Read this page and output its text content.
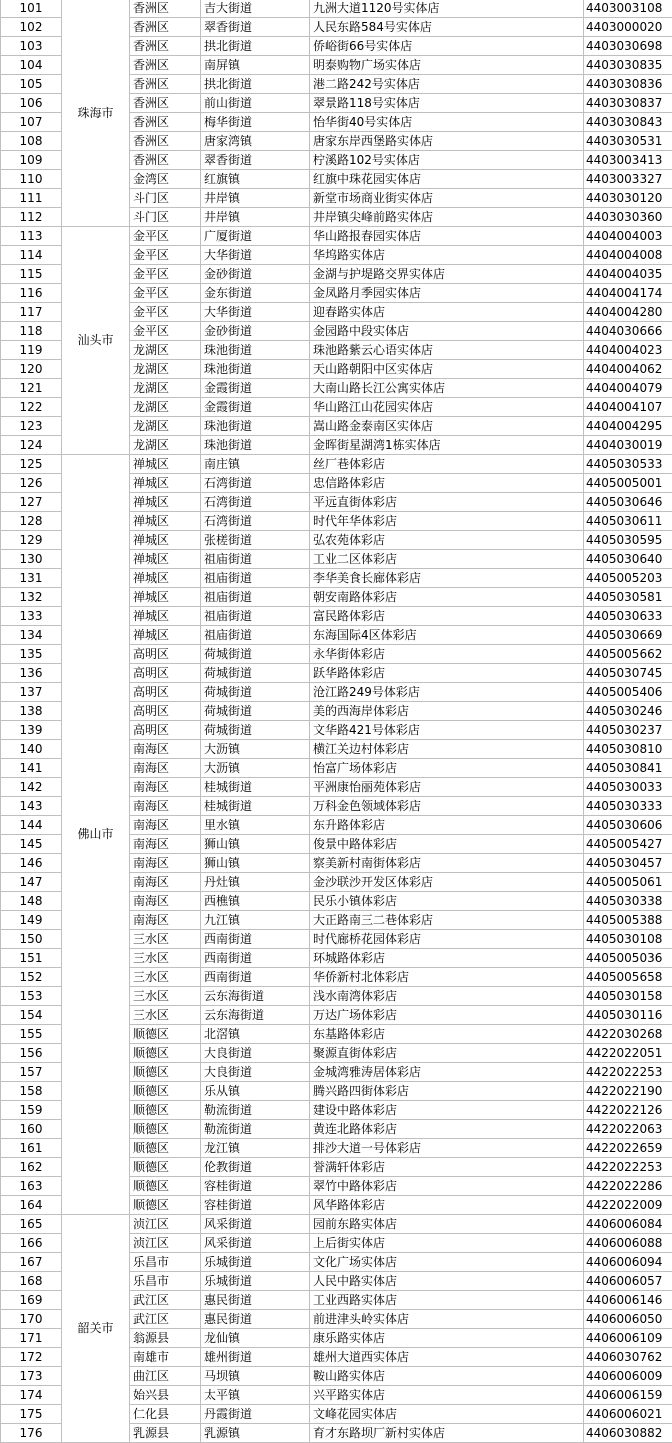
101	珠海市	香洲区	吉大街道	九洲大道1120号实体店	4403003108
102		香洲区	翠香街道	人民东路584号实体店	4403000020
103		香洲区	拱北街道	侨峪街66号实体店	4403030698
104		香洲区	南屏镇	明泰购物广场实体店	4403030835
105		香洲区	拱北街道	港二路242号实体店	4403030836
106		香洲区	前山街道	翠景路118号实体店	4403030837
107		香洲区	梅华街道	怡华街40号实体店	4403030843
108		香洲区	唐家湾镇	唐家东岸西堡路实体店	4403030531
109		香洲区	翠香街道	柠溪路102号实体店	4403003413
110		金湾区	红旗镇	红旗中珠花园实体店	4403003327
111		斗门区	井岸镇	新堂市场商业街实体店	4403030120
112		斗门区	井岸镇	井岸镇尖峰前路实体店	4403030360
113	汕头市	金平区	广厦街道	华山路报春园实体店	4404004003
114		金平区	大华街道	华坞路实体店	4404004008
115		金平区	金砂街道	金湖与护堤路交界实体店	4404004035
116		金平区	金东街道	金凤路月季园实体店	4404004174
117		金平区	大华街道	迎春路实体店	4404004280
118		金平区	金砂街道	金园路中段实体店	4404030666
119		龙湖区	珠池街道	珠池路紫云心语实体店	4404004023
120		龙湖区	珠池街道	天山路朝阳中区实体店	4404004062
121		龙湖区	金霞街道	大南山路长江公寓实体店	4404004079
122		龙湖区	金霞街道	华山路江山花园实体店	4404004107
123		龙湖区	珠池街道	嵩山路金泰南区实体店	4404004295
124		龙湖区	珠池街道	金晖街星湖湾1栋实体店	4404030019
125	佛山市	禅城区	南庄镇	丝厂巷体彩店	4405030533
126		禅城区	石湾街道	忠信路体彩店	4405005001
127		禅城区	石湾街道	平远直街体彩店	4405030646
128		禅城区	石湾街道	时代年华体彩店	4405030611
129		禅城区	张槎街道	弘农苑体彩店	4405030595
130		禅城区	祖庙街道	工业二区体彩店	4405030640
131		禅城区	祖庙街道	李华美食长廊体彩店	4405005203
132		禅城区	祖庙街道	朝安南路体彩店	4405030581
133		禅城区	祖庙街道	富民路体彩店	4405030633
134		禅城区	祖庙街道	东海国际4区体彩店	4405030669
135		高明区	荷城街道	永华街体彩店	4405005662
136		高明区	荷城街道	跃华路体彩店	4405030745
137		高明区	荷城街道	沧江路249号体彩店	4405005406
138		高明区	荷城街道	美的西海岸体彩店	4405030246
139		高明区	荷城街道	文华路421号体彩店	4405030237
140		南海区	大沥镇	横江关边村体彩店	4405030810
141		南海区	大沥镇	怡富广场体彩店	4405030841
142		南海区	桂城街道	平洲康怡丽苑体彩店	4405030033
143		南海区	桂城街道	万科金色领域体彩店	4405030333
144		南海区	里水镇	东升路体彩店	4405030606
145		南海区	狮山镇	俊景中路体彩店	4405005427
146		南海区	狮山镇	察美新村南街体彩店	4405030457
147		南海区	丹灶镇	金沙联沙开发区体彩店	4405005061
148		南海区	西樵镇	民乐小镇体彩店	4405030338
149		南海区	九江镇	大正路南三二巷体彩店	4405005388
150		三水区	西南街道	时代廊桥花园体彩店	4405030108
151		三水区	西南街道	环城路体彩店	4405005036
152		三水区	西南街道	华侨新村北体彩店	4405005658
153		三水区	云东海街道	浅水南湾体彩店	4405030158
154		三水区	云东海街道	万达广场体彩店	4405030116
155		顺德区	北滘镇	东基路体彩店	4422030268
156		顺德区	大良街道	聚源直街体彩店	4422022051
157		顺德区	大良街道	金城湾雅涛居体彩店	4422022253
158		顺德区	乐从镇	腾兴路四街体彩店	4422022190
159		顺德区	勒流街道	建设中路体彩店	4422022126
160		顺德区	勒流街道	黄连北路体彩店	4422022063
161		顺德区	龙江镇	排沙大道一号体彩店	4422022659
162		顺德区	伦教街道	誉满轩体彩店	4422022253
163		顺德区	容桂街道	翠竹中路体彩店	4422022286
164		顺德区	容桂街道	风华路体彩店	4422022009
165	韶关市	浈江区	风采街道	园前东路实体店	4406006084
166		浈江区	风采街道	上后街实体店	4406006088
167		乐昌市	乐城街道	文化广场实体店	4406006094
168		乐昌市	乐城街道	人民中路实体店	4406006057
169		武江区	惠民街道	工业西路实体店	4406006146
170		武江区	惠民街道	前进津头岭实体店	4406006050
171		翁源县	龙仙镇	康乐路实体店	4406006109
172		南雄市	雄州街道	雄州大道西实体店	4406030762
173		曲江区	马坝镇	鞍山路实体店	4406006009
174		始兴县	太平镇	兴平路实体店	4406006159
175		仁化县	丹霞街道	文峰花园实体店	4406006021
176		乳源县	乳源镇	育才东路坝厂新村实体店	4406030882
